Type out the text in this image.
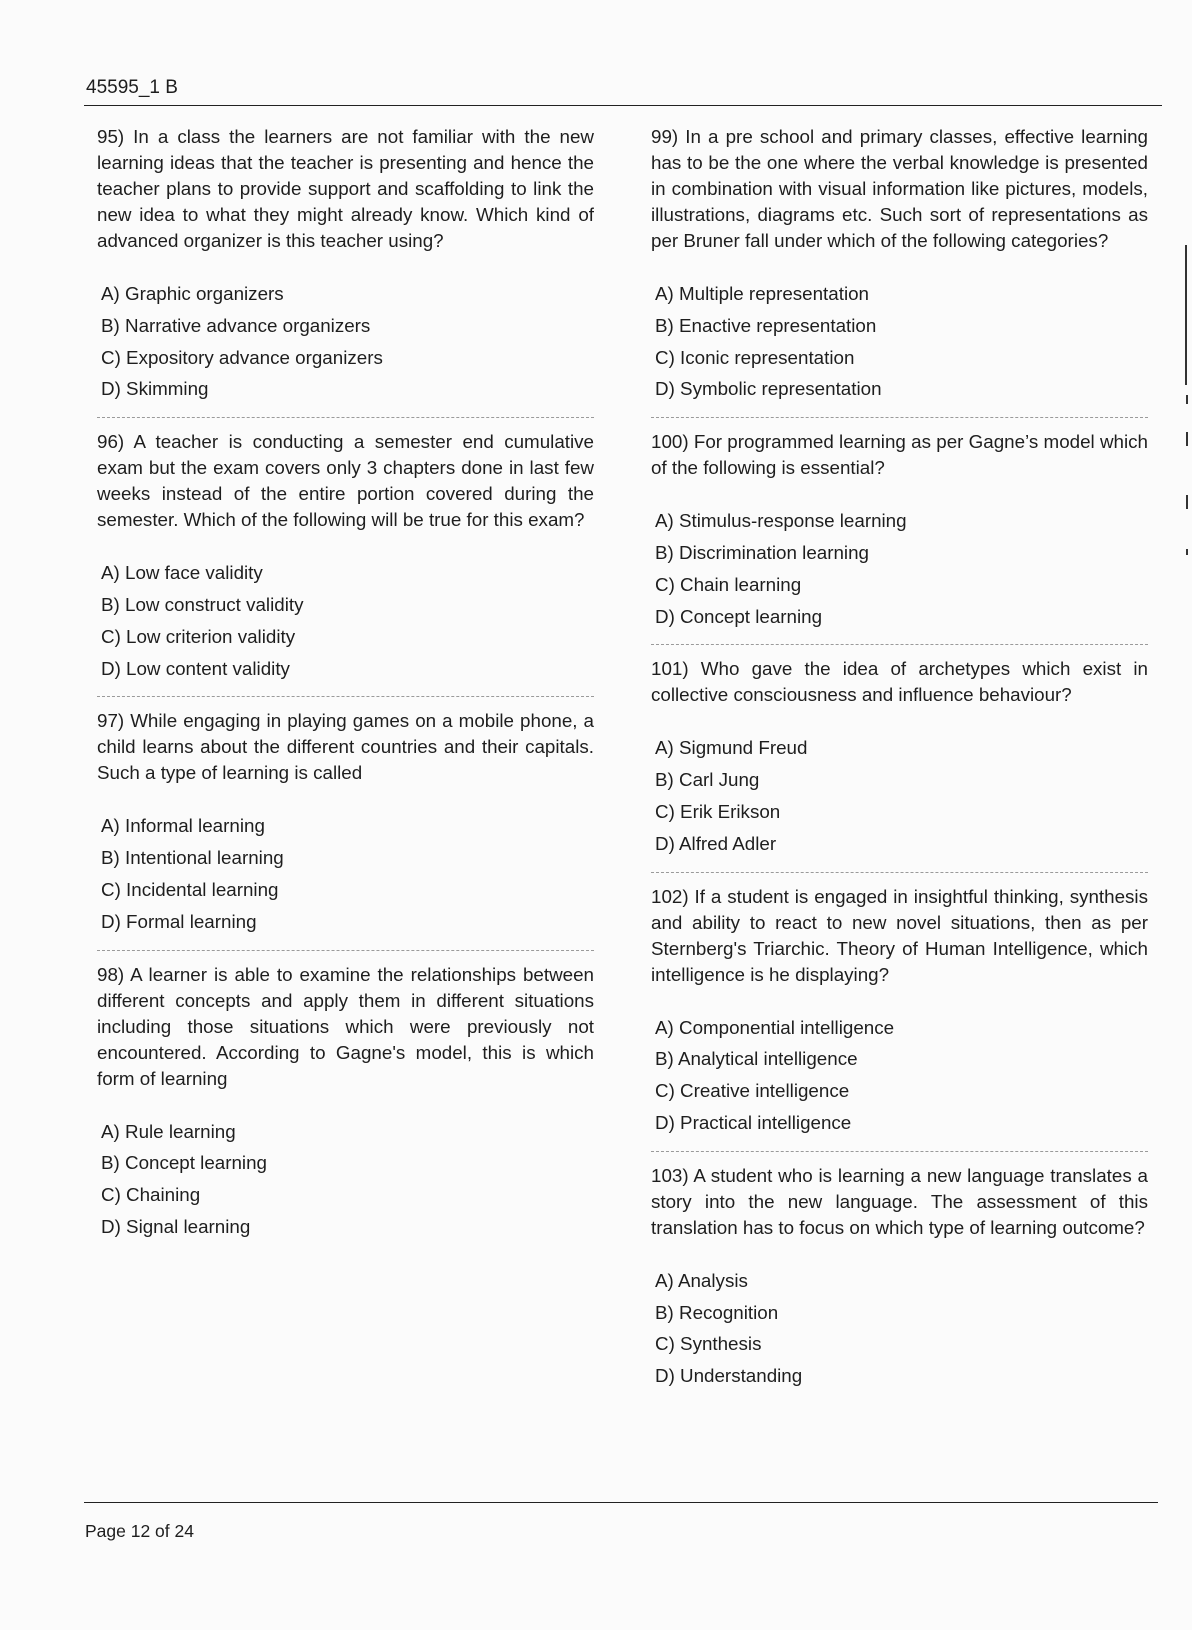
45595_1 B

95) In a class the learners are not familiar with the new learning ideas that the teacher is presenting and hence the teacher plans to provide support and scaffolding to link the new idea to what they might already know. Which kind of advanced organizer is this teacher using?

A) Graphic organizers
B) Narrative advance organizers
C) Expository advance organizers
D) Skimming

96) A teacher is conducting a semester end cumulative exam but the exam covers only 3 chapters done in last few weeks instead of the entire portion covered during the semester. Which of the following will be true for this exam?

A) Low face validity
B) Low construct validity
C) Low criterion validity
D) Low content validity

97) While engaging in playing games on a mobile phone, a child learns about the different countries and their capitals. Such a type of learning is called

A) Informal learning
B) Intentional learning
C) Incidental learning
D) Formal learning

98) A learner is able to examine the relationships between different concepts and apply them in different situations including those situations which were previously not encountered. According to Gagne's model, this is which form of learning

A) Rule learning
B) Concept learning
C) Chaining
D) Signal learning

99) In a pre school and primary classes, effective learning has to be the one where the verbal knowledge is presented in combination with visual information like pictures, models, illustrations, diagrams etc. Such sort of representations as per Bruner fall under which of the following categories?

A) Multiple representation
B) Enactive representation
C) Iconic representation
D) Symbolic representation

100) For programmed learning as per Gagne’s model which of the following is essential?

A) Stimulus-response learning
B) Discrimination learning
C) Chain learning
D) Concept learning

101) Who gave the idea of archetypes which exist in collective consciousness and influence behaviour?

A) Sigmund Freud
B) Carl Jung
C) Erik Erikson
D) Alfred Adler

102) If a student is engaged in insightful thinking, synthesis and ability to react to new novel situations, then as per Sternberg's Triarchic. Theory of Human Intelligence, which intelligence is he displaying?

A) Componential intelligence
B) Analytical intelligence
C) Creative intelligence
D) Practical intelligence

103) A student who is learning a new language translates a story into the new language. The assessment of this translation has to focus on which type of learning outcome?

A) Analysis
B) Recognition
C) Synthesis
D) Understanding
Page 12 of 24
